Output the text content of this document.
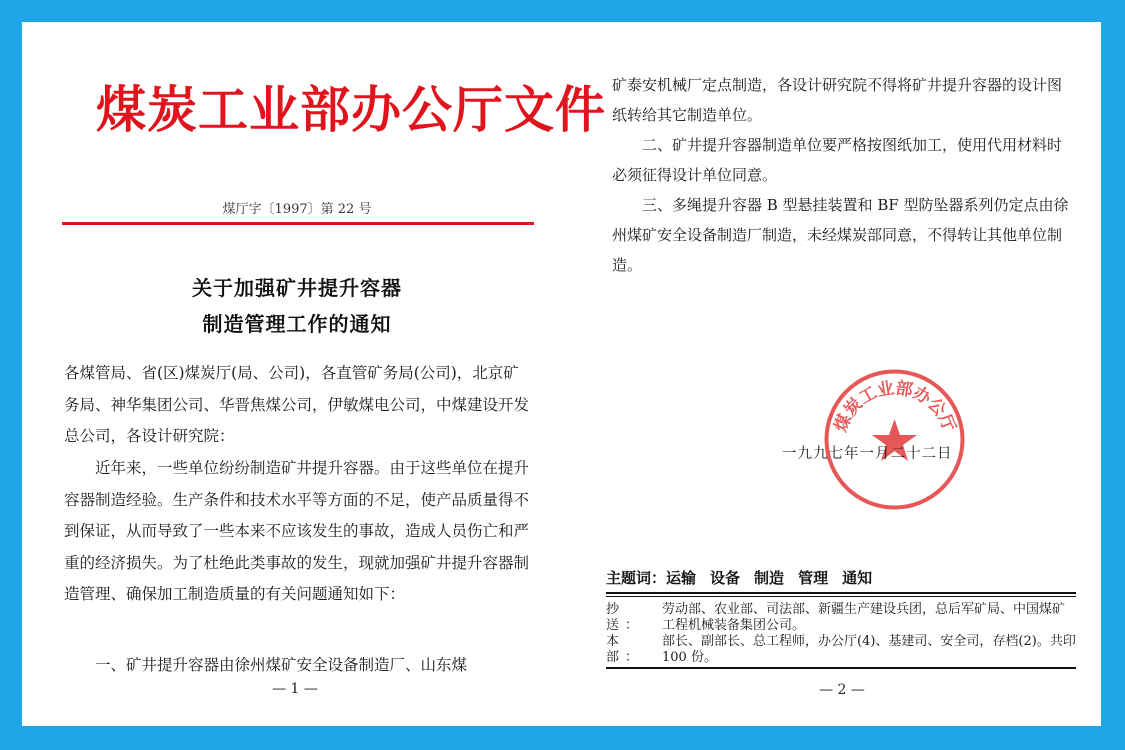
煤炭工业部办公厅文件
煤厅字〔1997〕第 22 号
关于加强矿井提升容器
制造管理工作的通知
各煤管局、省(区)煤炭厅(局、公司)，各直管矿务局(公司)，北京矿务局、神华集团公司、华晋焦煤公司，伊敏煤电公司，中煤建设开发总公司，各设计研究院：
近年来，一些单位纷纷制造矿井提升容器。由于这些单位在提升容器制造经验。生产条件和技术水平等方面的不足，使产品质量得不到保证，从而导致了一些本来不应该发生的事故，造成人员伤亡和严重的经济损失。为了杜绝此类事故的发生，现就加强矿井提升容器制造管理、确保加工制造质量的有关问题通知如下：
一、矿井提升容器由徐州煤矿安全设备制造厂、山东煤
— 1 —
矿泰安机械厂定点制造，各设计研究院不得将矿井提升容器的设计图纸转给其它制造单位。
二、矿井提升容器制造单位要严格按图纸加工，使用代用材料时必须征得设计单位同意。
三、多绳提升容器 B 型悬挂装置和 BF 型防坠器系列仍定点由徐州煤矿安全设备制造厂制造，未经煤炭部同意，不得转让其他单位制造。
煤炭工业部办公厅
一九九七年一月二十二日
主题词：运输 设备 制造 管理 通知
抄 送：
劳动部、农业部、司法部、新疆生产建设兵团，总后军矿局、中国煤矿工程机械装备集团公司。
本 部：
部长、副部长、总工程师，办公厅(4)、基建司、安全司，存档(2)。共印 100 份。
— 2 —
